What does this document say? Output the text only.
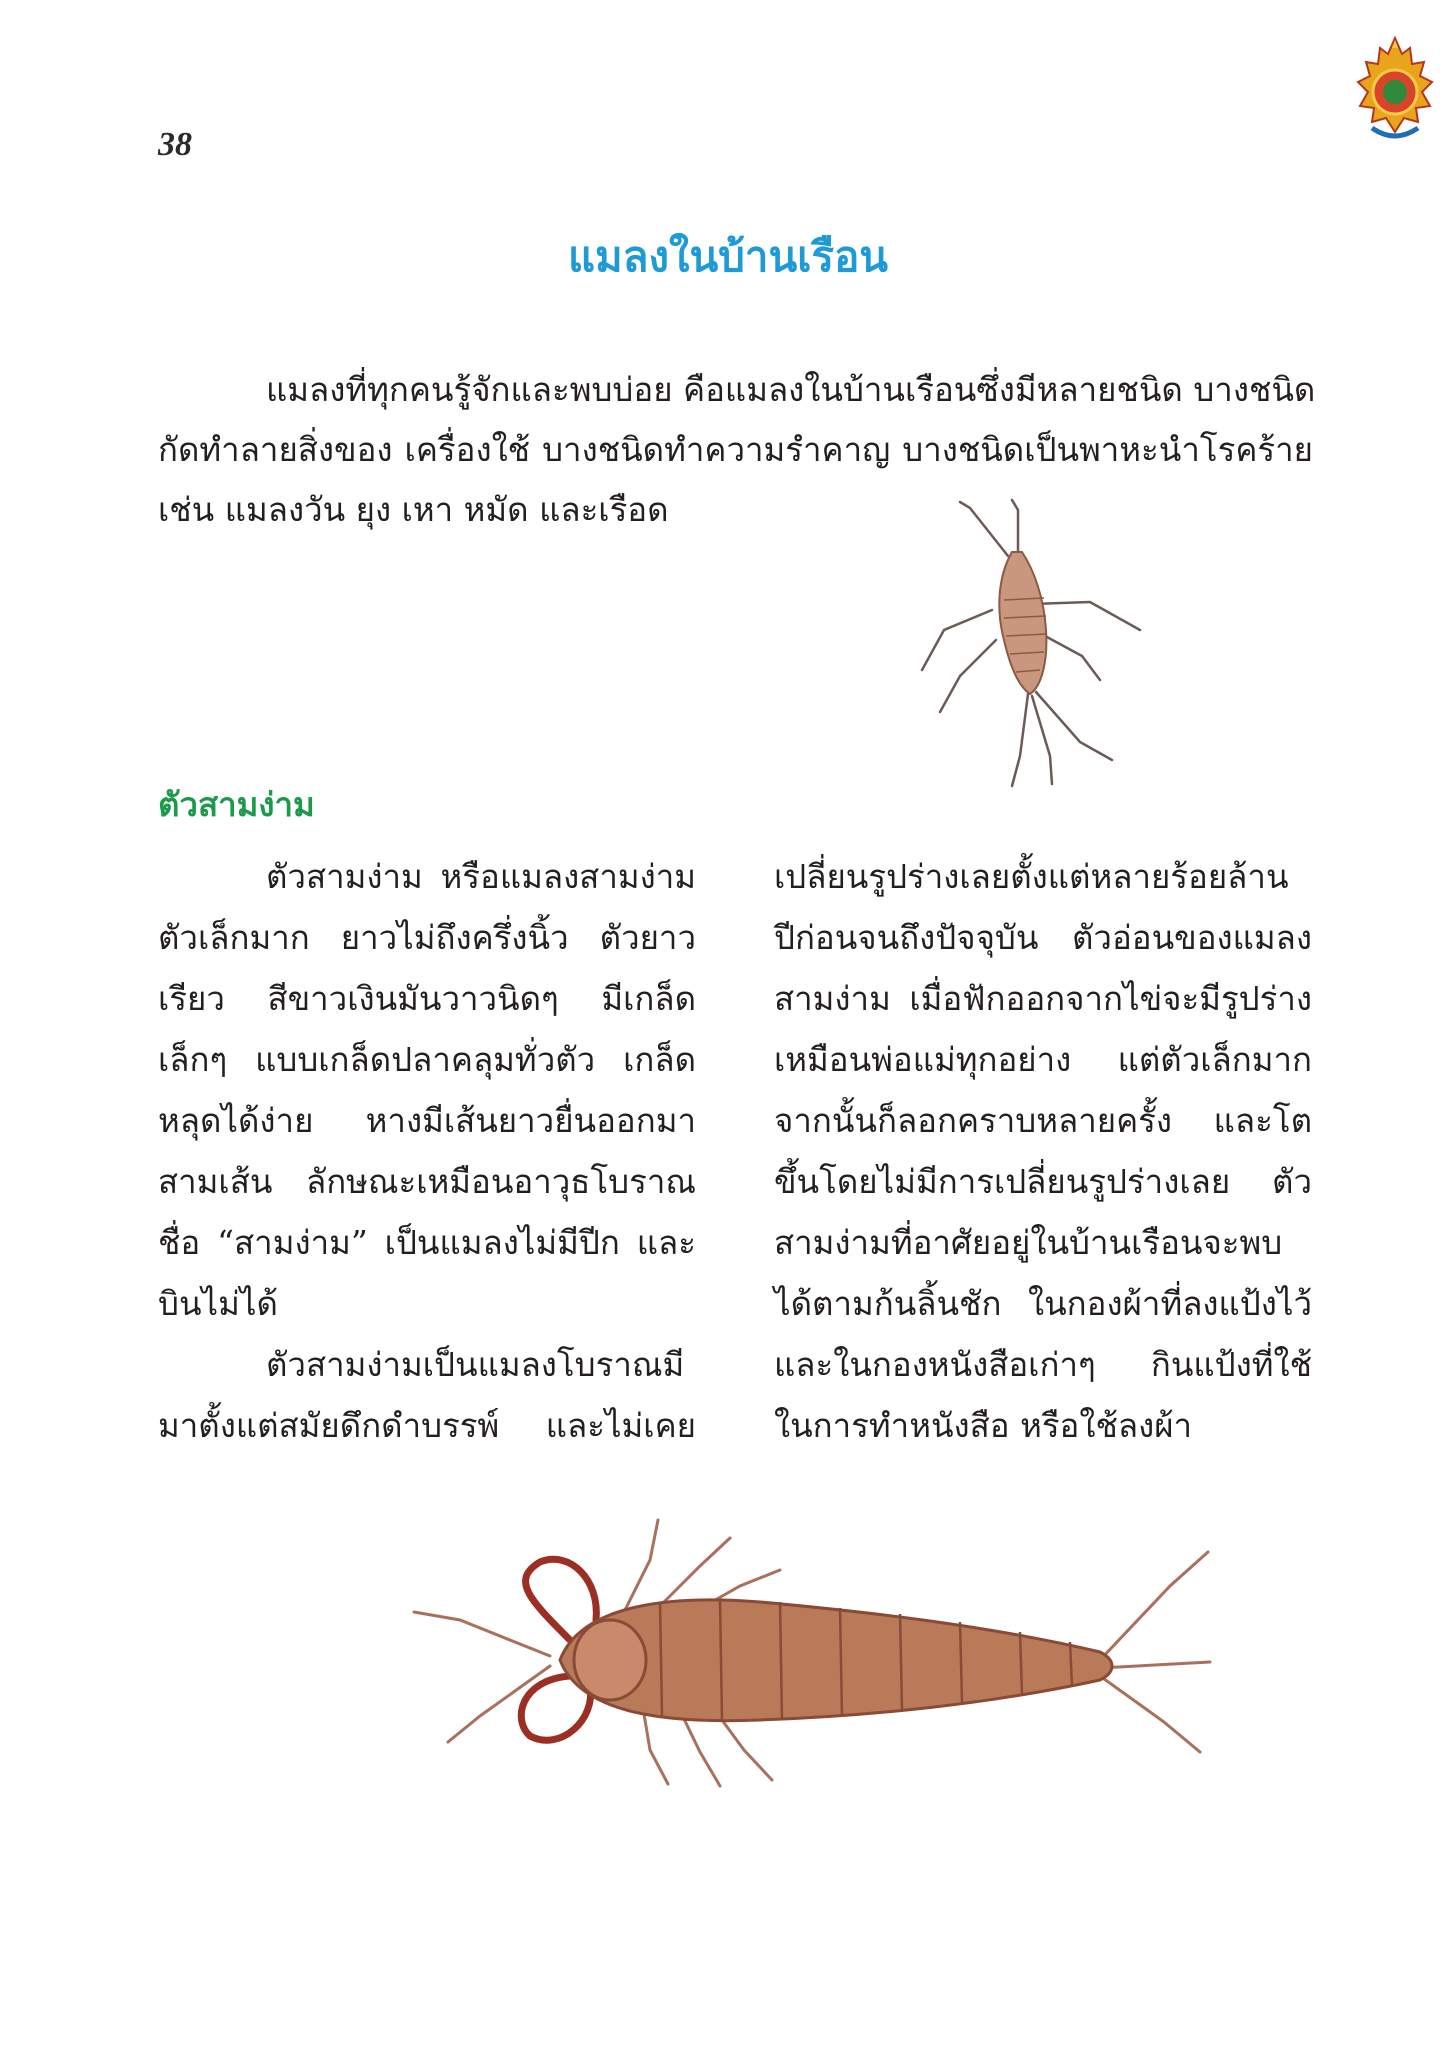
38
แมลงในบ้านเรือน
แมลงที่ทุกคนรู้จักและพบบ่อย คือแมลงในบ้านเรือนซึ่งมีหลายชนิด บางชนิด
กัดทำลายสิ่งของ เครื่องใช้ บางชนิดทำความรำคาญ บางชนิดเป็นพาหะนำโรคร้าย
เช่น แมลงวัน ยุง เหา หมัด และเรือด
ตัวสามง่าม
ตัวสามง่าม หรือแมลงสามง่าม
ตัวเล็กมาก ยาวไม่ถึงครึ่งนิ้ว ตัวยาว
เรียว สีขาวเงินมันวาวนิดๆ มีเกล็ด
เล็กๆ แบบเกล็ดปลาคลุมทั่วตัว เกล็ด
หลุดได้ง่าย หางมีเส้นยาวยื่นออกมา
สามเส้น ลักษณะเหมือนอาวุธโบราณ
ชื่อ “สามง่าม” เป็นแมลงไม่มีปีก และ
บินไม่ได้
ตัวสามง่ามเป็นแมลงโบราณมี
มาตั้งแต่สมัยดึกดำบรรพ์ และไม่เคย
เปลี่ยนรูปร่างเลยตั้งแต่หลายร้อยล้าน
ปีก่อนจนถึงปัจจุบัน ตัวอ่อนของแมลง
สามง่าม เมื่อฟักออกจากไข่จะมีรูปร่าง
เหมือนพ่อแม่ทุกอย่าง แต่ตัวเล็กมาก
จากนั้นก็ลอกคราบหลายครั้ง และโต
ขึ้นโดยไม่มีการเปลี่ยนรูปร่างเลย ตัว
สามง่ามที่อาศัยอยู่ในบ้านเรือนจะพบ
ได้ตามก้นลิ้นชัก ในกองผ้าที่ลงแป้งไว้
และในกองหนังสือเก่าๆ กินแป้งที่ใช้
ในการทำหนังสือ หรือใช้ลงผ้า
